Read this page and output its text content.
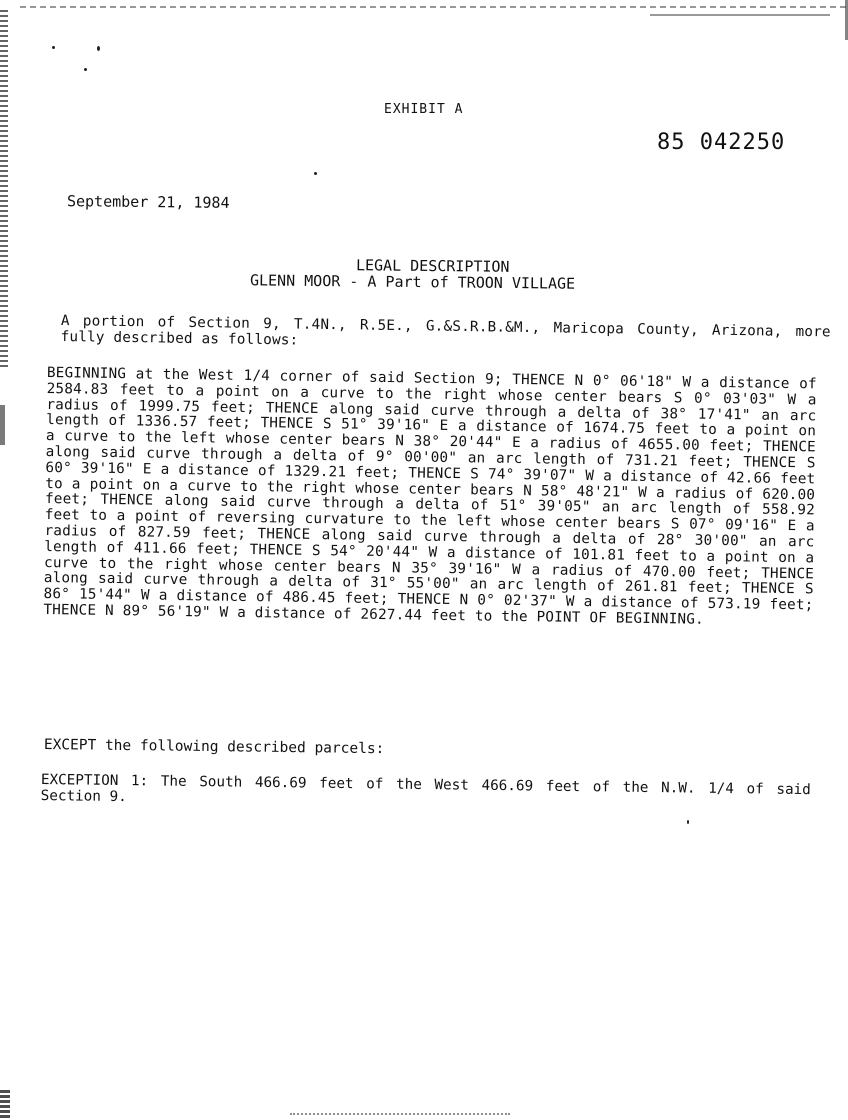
EXHIBIT A
85 042250
September 21, 1984
LEGAL DESCRIPTION
GLENN MOOR - A Part of TROON VILLAGE
A portion of Section 9, T.4N., R.5E., G.&S.R.B.&M., Maricopa County, Arizona, more fully described as follows:
BEGINNING at the West 1/4 corner of said Section 9; THENCE N 0° 06'18" W a distance of 2584.83 feet to a point on a curve to the right whose center bears S 0° 03'03" W a radius of 1999.75 feet; THENCE along said curve through a delta of 38° 17'41" an arc length of 1336.57 feet; THENCE S 51° 39'16" E a distance of 1674.75 feet to a point on a curve to the left whose center bears N 38° 20'44" E a radius of 4655.00 feet; THENCE along said curve through a delta of 9° 00'00" an arc length of 731.21 feet; THENCE S 60° 39'16" E a distance of 1329.21 feet; THENCE S 74° 39'07" W a distance of 42.66 feet to a point on a curve to the right whose center bears N 58° 48'21" W a radius of 620.00 feet; THENCE along said curve through a delta of 51° 39'05" an arc length of 558.92 feet to a point of reversing curvature to the left whose center bears S 07° 09'16" E a radius of 827.59 feet; THENCE along said curve through a delta of 28° 30'00" an arc length of 411.66 feet; THENCE S 54° 20'44" W a distance of 101.81 feet to a point on a curve to the right whose center bears N 35° 39'16" W a radius of 470.00 feet; THENCE along said curve through a delta of 31° 55'00" an arc length of 261.81 feet; THENCE S 86° 15'44" W a distance of 486.45 feet; THENCE N 0° 02'37" W a distance of 573.19 feet; THENCE N 89° 56'19" W a distance of 2627.44 feet to the POINT OF BEGINNING.
EXCEPT the following described parcels:
EXCEPTION 1: The South 466.69 feet of the West 466.69 feet of the N.W. 1/4 of said Section 9.
